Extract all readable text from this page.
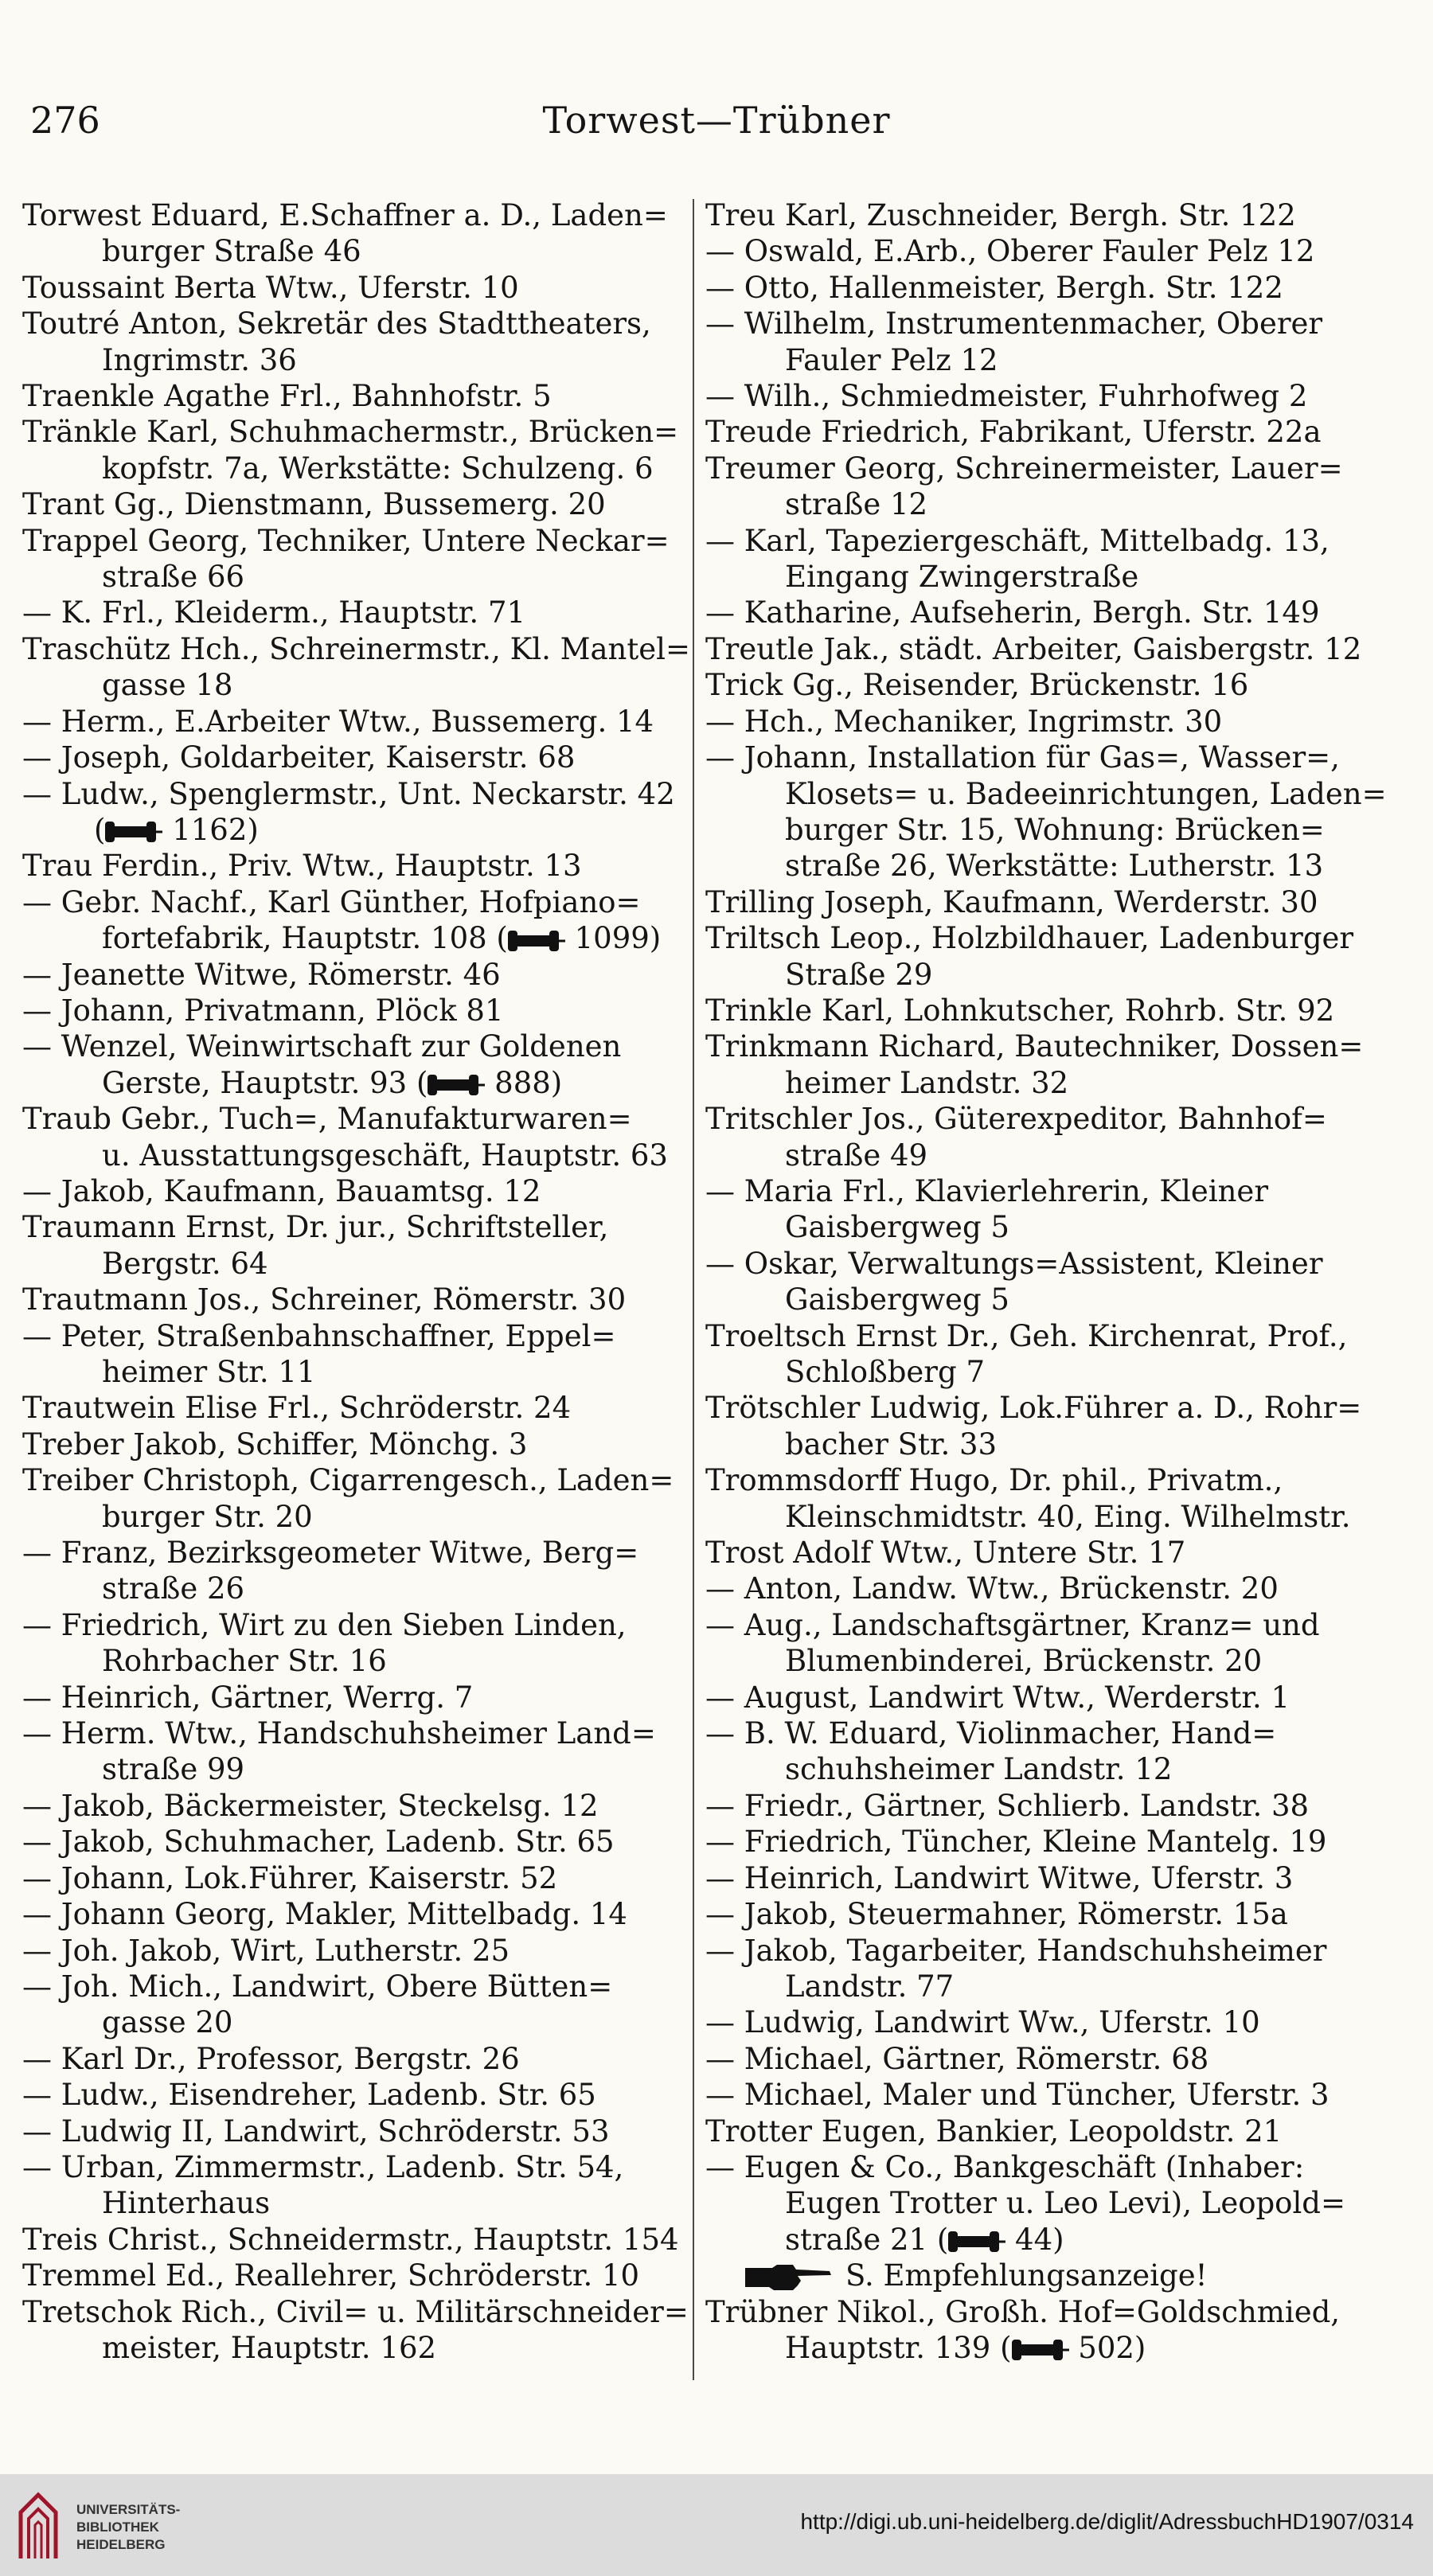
276	Torwest—Trübner
Torwest Eduard, E.Schaffner a. D., Laden=
burger Straße 46
Toussaint Berta Wtw., Uferstr. 10
Toutré Anton, Sekretär des Stadttheaters,
Ingrimstr. 36
Traenkle Agathe Frl., Bahnhofstr. 5
Tränkle Karl, Schuhmachermstr., Brücken=
kopfstr. 7a, Werkstätte: Schulzeng. 6
Trant Gg., Dienstmann, Bussemerg. 20
Trappel Georg, Techniker, Untere Neckar=
straße 66
— K. Frl., Kleiderm., Hauptstr. 71
Traschütz Hch., Schreinermstr., Kl. Mantel=
gasse 18
— Herm., E.Arbeiter Wtw., Bussemerg. 14
— Joseph, Goldarbeiter, Kaiserstr. 68
— Ludw., Spenglermstr., Unt. Neckarstr. 42
( 1162)
Trau Ferdin., Priv. Wtw., Hauptstr. 13
— Gebr. Nachf., Karl Günther, Hofpiano=
fortefabrik, Hauptstr. 108 ( 1099)
— Jeanette Witwe, Römerstr. 46
— Johann, Privatmann, Plöck 81
— Wenzel, Weinwirtschaft zur Goldenen
Gerste, Hauptstr. 93 ( 888)
Traub Gebr., Tuch=, Manufakturwaren=
u. Ausstattungsgeschäft, Hauptstr. 63
— Jakob, Kaufmann, Bauamtsg. 12
Traumann Ernst, Dr. jur., Schriftsteller,
Bergstr. 64
Trautmann Jos., Schreiner, Römerstr. 30
— Peter, Straßenbahnschaffner, Eppel=
heimer Str. 11
Trautwein Elise Frl., Schröderstr. 24
Treber Jakob, Schiffer, Mönchg. 3
Treiber Christoph, Cigarrengesch., Laden=
burger Str. 20
— Franz, Bezirksgeometer Witwe, Berg=
straße 26
— Friedrich, Wirt zu den Sieben Linden,
Rohrbacher Str. 16
— Heinrich, Gärtner, Werrg. 7
— Herm. Wtw., Handschuhsheimer Land=
straße 99
— Jakob, Bäckermeister, Steckelsg. 12
— Jakob, Schuhmacher, Ladenb. Str. 65
— Johann, Lok.Führer, Kaiserstr. 52
— Johann Georg, Makler, Mittelbadg. 14
— Joh. Jakob, Wirt, Lutherstr. 25
— Joh. Mich., Landwirt, Obere Bütten=
gasse 20
— Karl Dr., Professor, Bergstr. 26
— Ludw., Eisendreher, Ladenb. Str. 65
— Ludwig II, Landwirt, Schröderstr. 53
— Urban, Zimmermstr., Ladenb. Str. 54,
Hinterhaus
Treis Christ., Schneidermstr., Hauptstr. 154
Tremmel Ed., Reallehrer, Schröderstr. 10
Tretschok Rich., Civil= u. Militärschneider=
meister, Hauptstr. 162
Treu Karl, Zuschneider, Bergh. Str. 122
— Oswald, E.Arb., Oberer Fauler Pelz 12
— Otto, Hallenmeister, Bergh. Str. 122
— Wilhelm, Instrumentenmacher, Oberer
Fauler Pelz 12
— Wilh., Schmiedmeister, Fuhrhofweg 2
Treude Friedrich, Fabrikant, Uferstr. 22a
Treumer Georg, Schreinermeister, Lauer=
straße 12
— Karl, Tapeziergeschäft, Mittelbadg. 13,
Eingang Zwingerstraße
— Katharine, Aufseherin, Bergh. Str. 149
Treutle Jak., städt. Arbeiter, Gaisbergstr. 12
Trick Gg., Reisender, Brückenstr. 16
— Hch., Mechaniker, Ingrimstr. 30
— Johann, Installation für Gas=, Wasser=,
Klosets= u. Badeeinrichtungen, Laden=
burger Str. 15, Wohnung: Brücken=
straße 26, Werkstätte: Lutherstr. 13
Trilling Joseph, Kaufmann, Werderstr. 30
Triltsch Leop., Holzbildhauer, Ladenburger
Straße 29
Trinkle Karl, Lohnkutscher, Rohrb. Str. 92
Trinkmann Richard, Bautechniker, Dossen=
heimer Landstr. 32
Tritschler Jos., Güterexpeditor, Bahnhof=
straße 49
— Maria Frl., Klavierlehrerin, Kleiner
Gaisbergweg 5
— Oskar, Verwaltungs=Assistent, Kleiner
Gaisbergweg 5
Troeltsch Ernst Dr., Geh. Kirchenrat, Prof.,
Schloßberg 7
Trötschler Ludwig, Lok.Führer a. D., Rohr=
bacher Str. 33
Trommsdorff Hugo, Dr. phil., Privatm.,
Kleinschmidtstr. 40, Eing. Wilhelmstr.
Trost Adolf Wtw., Untere Str. 17
— Anton, Landw. Wtw., Brückenstr. 20
— Aug., Landschaftsgärtner, Kranz= und
Blumenbinderei, Brückenstr. 20
— August, Landwirt Wtw., Werderstr. 1
— B. W. Eduard, Violinmacher, Hand=
schuhsheimer Landstr. 12
— Friedr., Gärtner, Schlierb. Landstr. 38
— Friedrich, Tüncher, Kleine Mantelg. 19
— Heinrich, Landwirt Witwe, Uferstr. 3
— Jakob, Steuermahner, Römerstr. 15a
— Jakob, Tagarbeiter, Handschuhsheimer
Landstr. 77
— Ludwig, Landwirt Ww., Uferstr. 10
— Michael, Gärtner, Römerstr. 68
— Michael, Maler und Tüncher, Uferstr. 3
Trotter Eugen, Bankier, Leopoldstr. 21
— Eugen & Co., Bankgeschäft (Inhaber:
Eugen Trotter u. Leo Levi), Leopold=
straße 21 ( 44)
S. Empfehlungsanzeige!
Trübner Nikol., Großh. Hof=Goldschmied,
Hauptstr. 139 ( 502)
UNIVERSITÄTS-
BIBLIOTHEK
HEIDELBERG
http://digi.ub.uni-heidelberg.de/diglit/AdressbuchHD1907/0314
